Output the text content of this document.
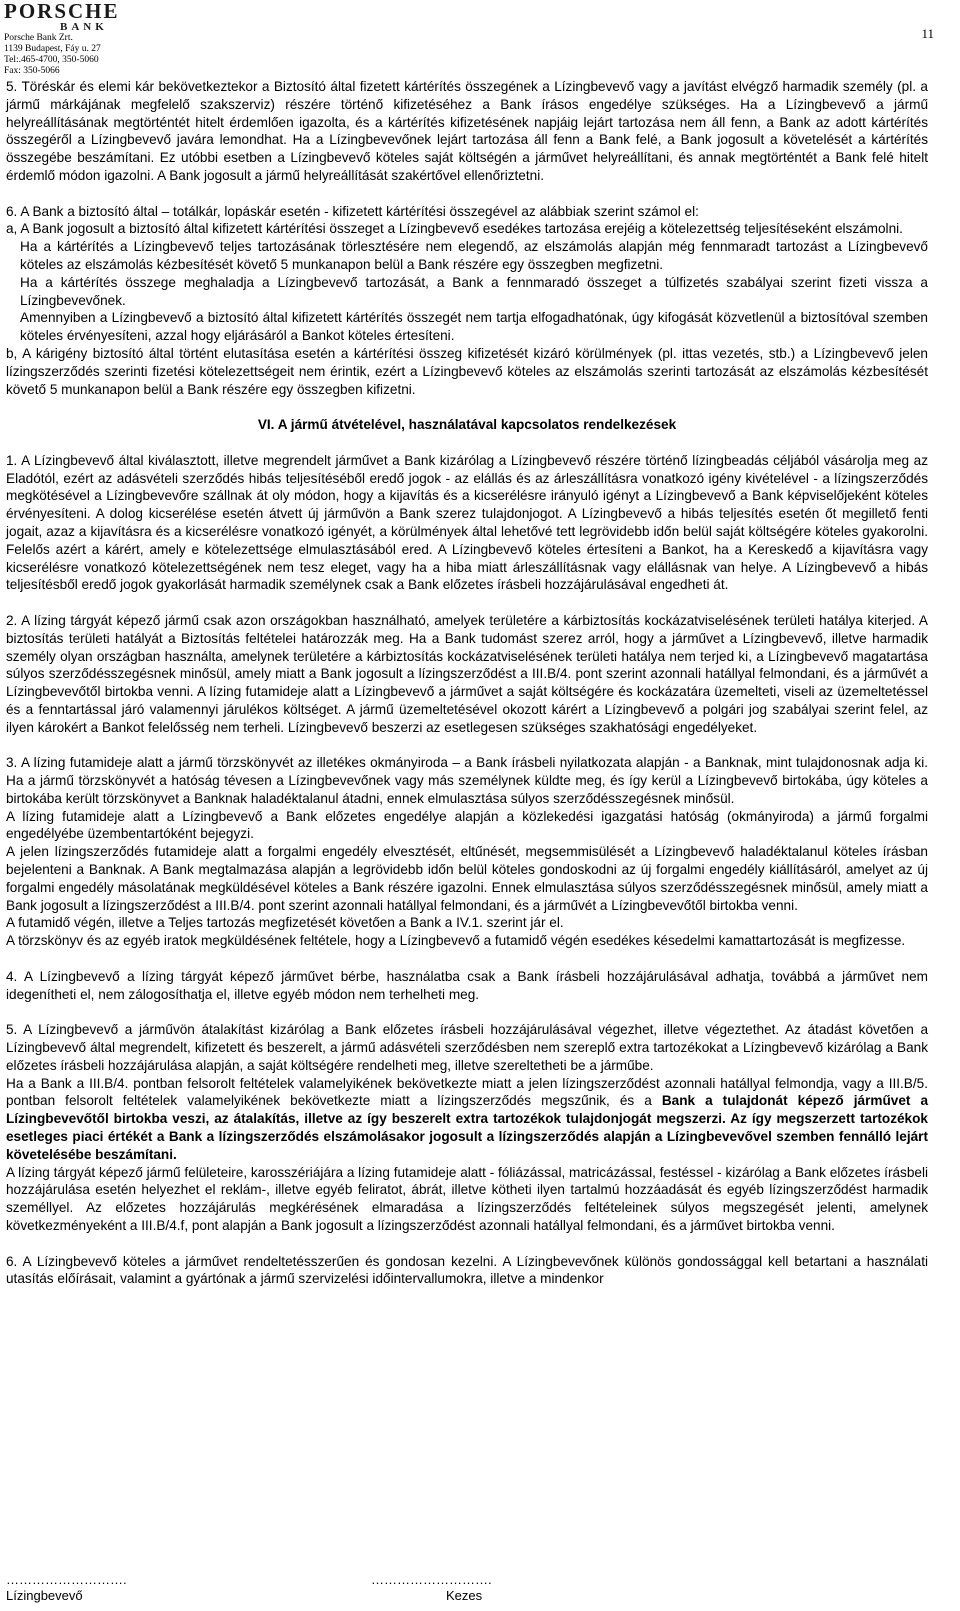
PORSCHE
BANK
Porsche Bank Zrt.
1139 Budapest, Fáy u. 27
Tel:.465-4700, 350-5060
Fax: 350-5066
11

5. Töréskár és elemi kár bekövetkeztekor a Biztosító által fizetett kártérítés összegének a Lízingbevevő vagy a javítást elvégző harmadik személy (pl. a jármű márkájának megfelelő szakszerviz) részére történő kifizetéséhez a Bank írásos engedélye szükséges. Ha a Lízingbevevő a jármű helyreállításának megtörténtét hitelt érdemlően igazolta, és a kártérítés kifizetésének napjáig lejárt tartozása nem áll fenn, a Bank az adott kártérítés összegéről a Lízingbevevő javára lemondhat. Ha a Lízingbevevőnek lejárt tartozása áll fenn a Bank felé, a Bank jogosult a követelését a kártérítés összegébe beszámítani. Ez utóbbi esetben a Lízingbevevő köteles saját költségén a járművet helyreállítani, és annak megtörténtét a Bank felé hitelt érdemlő módon igazolni. A Bank jogosult a jármű helyreállítását szakértővel ellenőriztetni.

6. A Bank a biztosító által – totálkár, lopáskár esetén - kifizetett kártérítési összegével az alábbiak szerint számol el:

a, A Bank jogosult a biztosító által kifizetett kártérítési összeget a Lízingbevevő esedékes tartozása erejéig a kötelezettség teljesítéseként elszámolni.

Ha a kártérítés a Lízingbevevő teljes tartozásának törlesztésére nem elegendő, az elszámolás alapján még fennmaradt tartozást a Lízingbevevő köteles az elszámolás kézbesítését követő 5 munkanapon belül a Bank részére egy összegben megfizetni.

Ha a kártérítés összege meghaladja a Lízingbevevő tartozását, a Bank a fennmaradó összeget a túlfizetés szabályai szerint fizeti vissza a Lízingbevevőnek.

Amennyiben a Lízingbevevő a biztosító által kifizetett kártérítés összegét nem tartja elfogadhatónak, úgy kifogását közvetlenül a biztosítóval szemben köteles érvényesíteni, azzal hogy eljárásáról a Bankot köteles értesíteni.

b, A kárigény biztosító által történt elutasítása esetén a kártérítési összeg kifizetését kizáró körülmények (pl. ittas vezetés, stb.) a Lízingbevevő jelen lízingszerződés szerinti fizetési kötelezettségeit nem érintik, ezért a Lízingbevevő köteles az elszámolás szerinti tartozását az elszámolás kézbesítését követő 5 munkanapon belül a Bank részére egy összegben kifizetni.

VI. A jármű átvételével, használatával kapcsolatos rendelkezések

1. A Lízingbevevő által kiválasztott, illetve megrendelt járművet a Bank kizárólag a Lízingbevevő részére történő lízingbeadás céljából vásárolja meg az Eladótól, ezért az adásvételi szerződés hibás teljesítéséből eredő jogok - az elállás és az árleszállításra vonatkozó igény kivételével - a lízingszerződés megkötésével a Lízingbevevőre szállnak át oly módon, hogy a kijavítás és a kicserélésre irányuló igényt a Lízingbevevő a Bank képviselőjeként köteles érvényesíteni. A dolog kicserélése esetén átvett új járművön a Bank szerez tulajdonjogot. A Lízingbevevő a hibás teljesítés esetén őt megillető fenti jogait, azaz a kijavításra és a kicserélésre vonatkozó igényét, a körülmények által lehetővé tett legrövidebb időn belül saját költségére köteles gyakorolni. Felelős azért a kárért, amely e kötelezettsége elmulasztásából ered. A Lízingbevevő köteles értesíteni a Bankot, ha a Kereskedő a kijavításra vagy kicserélésre vonatkozó kötelezettségének nem tesz eleget, vagy ha a hiba miatt árleszállításnak vagy elállásnak van helye. A Lízingbevevő a hibás teljesítésből eredő jogok gyakorlását harmadik személynek csak a Bank előzetes írásbeli hozzájárulásával engedheti át.

2. A lízing tárgyát képező jármű csak azon országokban használható, amelyek területére a kárbiztosítás kockázatviselésének területi hatálya kiterjed. A biztosítás területi hatályát a Biztosítás feltételei határozzák meg. Ha a Bank tudomást szerez arról, hogy a járművet a Lízingbevevő, illetve harmadik személy olyan országban használta, amelynek területére a kárbiztosítás kockázatviselésének területi hatálya nem terjed ki, a Lízingbevevő magatartása súlyos szerződésszegésnek minősül, amely miatt a Bank jogosult a lízingszerződést a III.B/4. pont szerint azonnali hatállyal felmondani, és a járművét a Lízingbevevőtől birtokba venni. A lízing futamideje alatt a Lízingbevevő a járművet a saját költségére és kockázatára üzemelteti, viseli az üzemeltetéssel és a fenntartással járó valamennyi járulékos költséget. A jármű üzemeltetésével okozott kárért a Lízingbevevő a polgári jog szabályai szerint felel, az ilyen károkért a Bankot felelősség nem terheli. Lízingbevevő beszerzi az esetlegesen szükséges szakhatósági engedélyeket.

3. A lízing futamideje alatt a jármű törzskönyvét az illetékes okmányiroda – a Bank írásbeli nyilatkozata alapján - a Banknak, mint tulajdonosnak adja ki. Ha a jármű törzskönyvét a hatóság tévesen a Lízingbevevőnek vagy más személynek küldte meg, és így kerül a Lízingbevevő birtokába, úgy köteles a birtokába került törzskönyvet a Banknak haladéktalanul átadni, ennek elmulasztása súlyos szerződésszegésnek minősül.

A lízing futamideje alatt a Lízingbevevő a Bank előzetes engedélye alapján a közlekedési igazgatási hatóság (okmányiroda) a jármű forgalmi engedélyébe üzembentartóként bejegyzi.

A jelen lízingszerződés futamideje alatt a forgalmi engedély elvesztését, eltűnését, megsemmisülését a Lízingbevevő haladéktalanul köteles írásban bejelenteni a Banknak. A Bank megtalmazása alapján a legrövidebb időn belül köteles gondoskodni az új forgalmi engedély kiállításáról, amelyet az új forgalmi engedély másolatának megküldésével köteles a Bank részére igazolni. Ennek elmulasztása súlyos szerződésszegésnek minősül, amely miatt a Bank jogosult a lízingszerződést a III.B/4. pont szerint azonnali hatállyal felmondani, és a járművét a Lízingbevevőtől birtokba venni.

A futamidő végén, illetve a Teljes tartozás megfizetését követően a Bank a IV.1. szerint jár el.

A törzskönyv és az egyéb iratok megküldésének feltétele, hogy a Lízingbevevő a futamidő végén esedékes késedelmi kamattartozását is megfizesse.

4. A Lízingbevevő a lízing tárgyát képező járművet bérbe, használatba csak a Bank írásbeli hozzájárulásával adhatja, továbbá a járművet nem idegenítheti el, nem zálogosíthatja el, illetve egyéb módon nem terhelheti meg.

5. A Lízingbevevő a járművön átalakítást kizárólag a Bank előzetes írásbeli hozzájárulásával végezhet, illetve végeztethet. Az átadást követően a Lízingbevevő által megrendelt, kifizetett és beszerelt, a jármű adásvételi szerződésben nem szereplő extra tartozékokat a Lízingbevevő kizárólag a Bank előzetes írásbeli hozzájárulása alapján, a saját költségére rendelheti meg, illetve szereltetheti be a járműbe.

Ha a Bank a III.B/4. pontban felsorolt feltételek valamelyikének bekövetkezte miatt a jelen lízingszerződést azonnali hatállyal felmondja, vagy a III.B/5. pontban felsorolt feltételek valamelyikének bekövetkezte miatt a lízingszerződés megszűnik, és a Bank a tulajdonát képező járművet a Lízingbevevőtől birtokba veszi, az átalakítás, illetve az így beszerelt extra tartozékok tulajdonjogát megszerzi. Az így megszerzett tartozékok esetleges piaci értékét a Bank a lízingszerződés elszámolásakor jogosult a lízingszerződés alapján a Lízingbevevővel szemben fennálló lejárt követelésébe beszámítani.

A lízing tárgyát képező jármű felületeire, karosszériájára a lízing futamideje alatt - fóliázással, matricázással, festéssel - kizárólag a Bank előzetes írásbeli hozzájárulása esetén helyezhet el reklám-, illetve egyéb feliratot, ábrát, illetve kötheti ilyen tartalmú hozzáadását és egyéb lízingszerződést harmadik személlyel. Az előzetes hozzájárulás megkérésének elmaradása a lízingszerződés feltételeinek súlyos megszegését jelenti, amelynek következményeként a III.B/4.f, pont alapján a Bank jogosult a lízingszerződést azonnali hatállyal felmondani, és a járművet birtokba venni.

6. A Lízingbevevő köteles a járművet rendeltetésszerűen és gondosan kezelni. A Lízingbevevőnek különös gondossággal kell betartani a használati utasítás előírásait, valamint a gyártónak a jármű szervizelési időintervallumokra, illetve a mindenkor

……………………….	……………………….
Lízingbevevő	Kezes
